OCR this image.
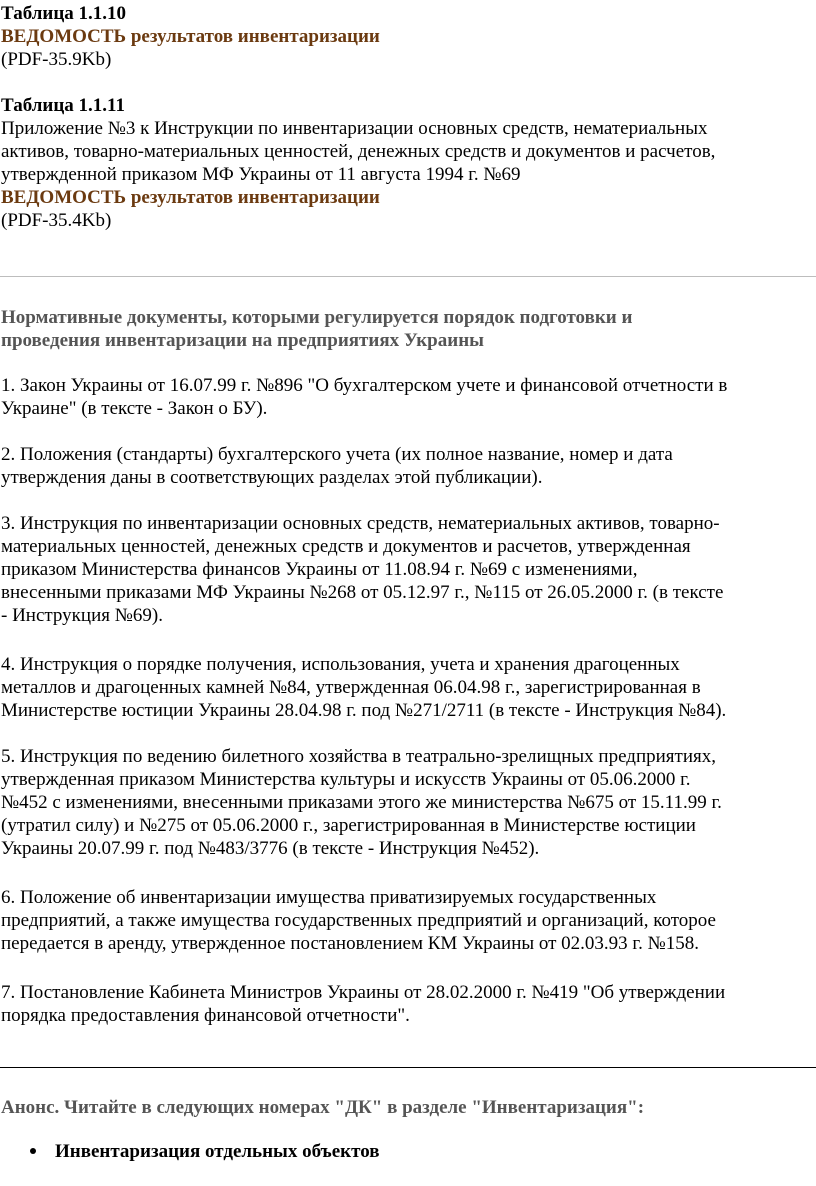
Таблица 1.1.10
ВЕДОМОСТЬ результатов инвентаризации
(PDF-35.9Kb)
Таблица 1.1.11
Приложение №3 к Инструкции по инвентаризации основных средств, нематериальных
активов, товарно-материальных ценностей, денежных средств и документов и расчетов,
утвержденной приказом МФ Украины от 11 августа 1994 г. №69
ВЕДОМОСТЬ результатов инвентаризации
(PDF-35.4Kb)
Нормативные документы, которыми регулируется порядок подготовки и
проведения инвентаризации на предприятиях Украины
1. Закон Украины от 16.07.99 г. №896 "О бухгалтерском учете и финансовой отчетности в
Украине" (в тексте - Закон о БУ).
2. Положения (стандарты) бухгалтерского учета (их полное название, номер и дата
утверждения даны в соответствующих разделах этой публикации).
3. Инструкция по инвентаризации основных средств, нематериальных активов, товарно-
материальных ценностей, денежных средств и документов и расчетов, утвержденная
приказом Министерства финансов Украины от 11.08.94 г. №69 с изменениями,
внесенными приказами МФ Украины №268 от 05.12.97 г., №115 от 26.05.2000 г. (в тексте
- Инструкция №69).
4. Инструкция о порядке получения, использования, учета и хранения драгоценных
металлов и драгоценных камней №84, утвержденная 06.04.98 г., зарегистрированная в
Министерстве юстиции Украины 28.04.98 г. под №271/2711 (в тексте - Инструкция №84).
5. Инструкция по ведению билетного хозяйства в театрально-зрелищных предприятиях,
утвержденная приказом Министерства культуры и искусств Украины от 05.06.2000 г.
№452 с изменениями, внесенными приказами этого же министерства №675 от 15.11.99 г.
(утратил силу) и №275 от 05.06.2000 г., зарегистрированная в Министерстве юстиции
Украины 20.07.99 г. под №483/3776 (в тексте - Инструкция №452).
6. Положение об инвентаризации имущества приватизируемых государственных
предприятий, а также имущества государственных предприятий и организаций, которое
передается в аренду, утвержденное постановлением КМ Украины от 02.03.93 г. №158.
7. Постановление Кабинета Министров Украины от 28.02.2000 г. №419 "Об утверждении
порядка предоставления финансовой отчетности".
Анонс. Читайте в следующих номерах "ДК" в разделе "Инвентаризация":
Инвентаризация отдельных объектов
